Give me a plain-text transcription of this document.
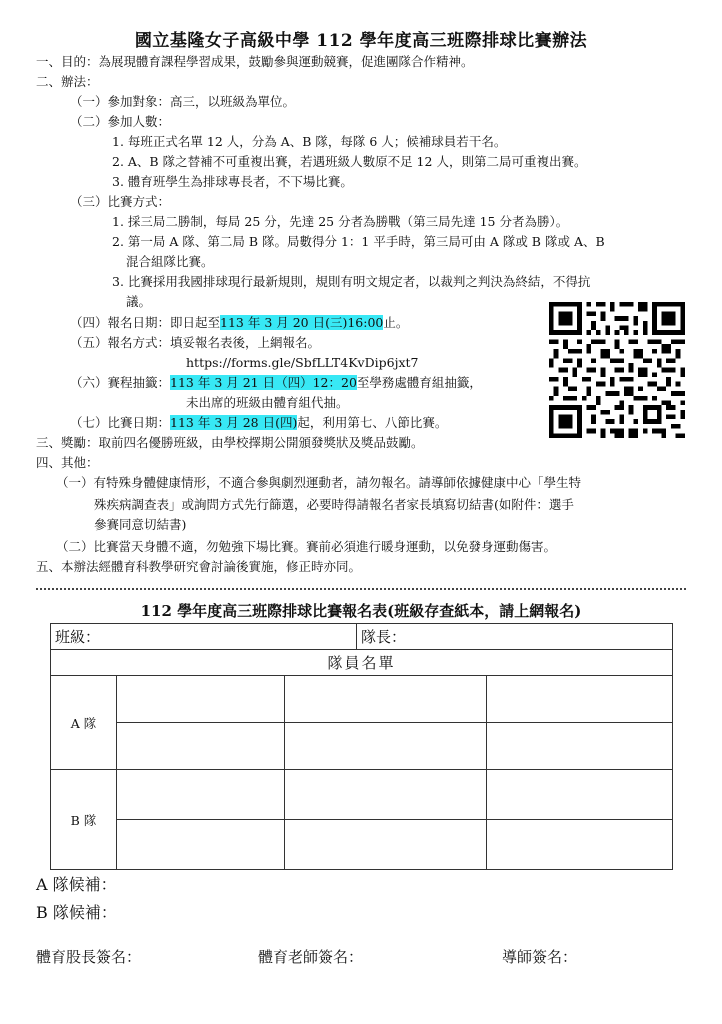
國立基隆女子高級中學 112 學年度高三班際排球比賽辦法
一、目的：為展現體育課程學習成果，鼓勵參與運動競賽，促進團隊合作精神。
二、辦法：
（一）參加對象：高三，以班級為單位。
（二）參加人數：
1. 每班正式名單 12 人，分為 A、B 隊，每隊 6 人；候補球員若干名。
2. A、B 隊之替補不可重複出賽，若遇班級人數原不足 12 人，則第二局可重複出賽。
3. 體育班學生為排球專長者，不下場比賽。
（三）比賽方式：
1. 採三局二勝制，每局 25 分，先達 25 分者為勝戰（第三局先達 15 分者為勝）。
2. 第一局 A 隊、第二局 B 隊。局數得分 1：1 平手時，第三局可由 A 隊或 B 隊或 A、B
混合組隊比賽。
3. 比賽採用我國排球現行最新規則，規則有明文規定者，以裁判之判決為終結，不得抗
議。
（四）報名日期：即日起至113 年 3 月 20 日(三)16:00止。
（五）報名方式：填妥報名表後，上網報名。
https://forms.gle/SbfLLT4KvDip6jxt7
（六）賽程抽籤：113 年 3 月 21 日（四）12：20至學務處體育組抽籤，
未出席的班級由體育組代抽。
（七）比賽日期：113 年 3 月 28 日(四)起，利用第七、八節比賽。
三、獎勵：取前四名優勝班級，由學校擇期公開頒發獎狀及獎品鼓勵。
四、其他：
（一）有特殊身體健康情形，不適合參與劇烈運動者，請勿報名。請導師依據健康中心「學生特
殊疾病調查表」或詢問方式先行篩選，必要時得請報名者家長填寫切結書(如附件：選手
參賽同意切結書)
（二）比賽當天身體不適，勿勉強下場比賽。賽前必須進行暖身運動，以免發身運動傷害。
五、本辦法經體育科教學研究會討論後實施，修正時亦同。
112 學年度高三班際排球比賽報名表(班級存查紙本，請上網報名)
班級：			隊長：	
隊員名單				
A 隊				

B 隊				

A 隊候補：
B 隊候補：
體育股長簽名：	體育老師簽名：	導師簽名：
